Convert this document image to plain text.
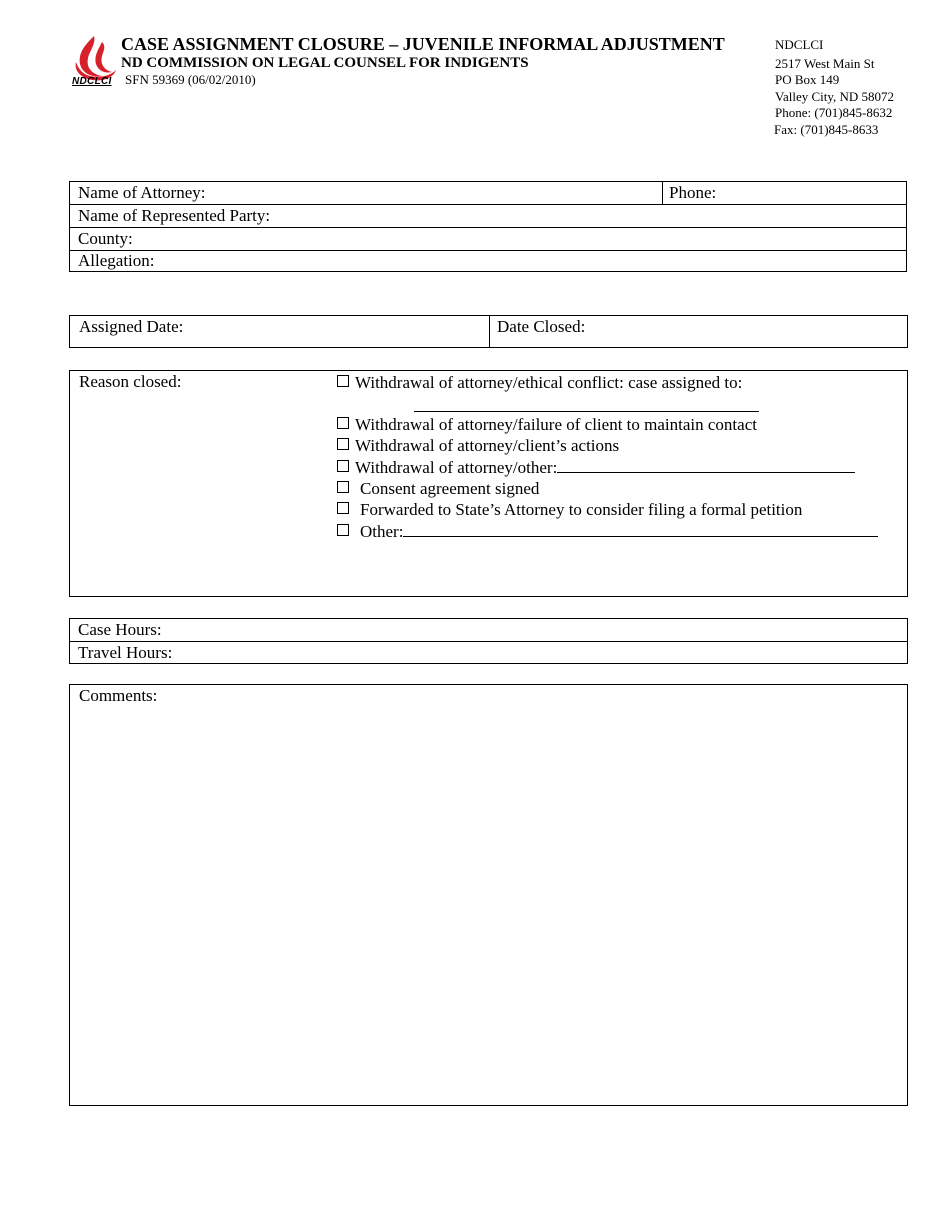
NDCLCI
CASE ASSIGNMENT CLOSURE – JUVENILE INFORMAL ADJUSTMENT
ND COMMISSION ON LEGAL COUNSEL FOR INDIGENTS
SFN 59369 (06/02/2010)
NDCLCI
2517 West Main St
PO Box 149
Valley City, ND 58072
Phone: (701)845-8632
Fax: (701)845-8633
Name of Attorney:	Phone:
Name of Represented Party:
County:
Allegation:
Assigned Date:	Date Closed:
Reason closed:	Withdrawal of attorney/ethical conflict: case assigned to:
Withdrawal of attorney/failure of client to maintain contact
Withdrawal of attorney/client’s actions
Withdrawal of attorney/other:
Consent agreement signed
Forwarded to State’s Attorney to consider filing a formal petition
Other:
Case Hours:
Travel Hours:
Comments:
